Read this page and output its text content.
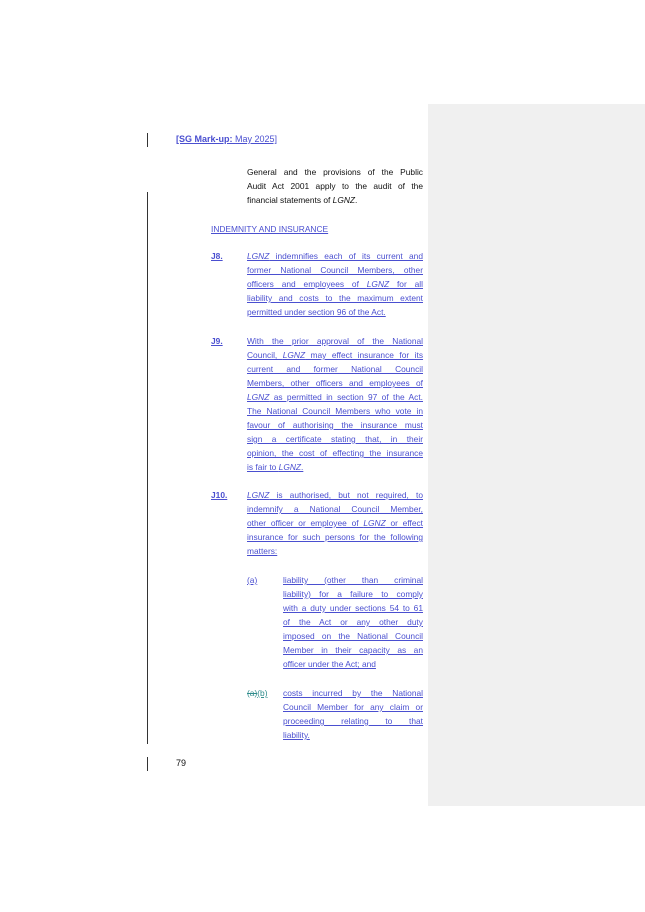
[SG Mark-up: May 2025]
General and the provisions of the Public
Audit Act 2001 apply to the audit of the
financial statements of LGNZ.
INDEMNITY AND INSURANCE
J8.	LGNZ indemnifies each of its current and
former National Council Members, other
officers and employees of LGNZ for all
liability and costs to the maximum extent
permitted under section 96 of the Act.
J9.	With the prior approval of the National
Council, LGNZ may effect insurance for its
current and former National Council
Members, other officers and employees of
LGNZ as permitted in section 97 of the Act.
The National Council Members who vote in
favour of authorising the insurance must
sign a certificate stating that, in their
opinion, the cost of effecting the insurance
is fair to LGNZ.
J10. LGNZ is authorised, but not required, to
indemnify a National Council Member,
other officer or employee of LGNZ or effect
insurance for such persons for the following
matters:
(a)	liability (other than criminal
liability) for a failure to comply
with a duty under sections 54 to 61
of the Act or any other duty
imposed on the National Council
Member in their capacity as an
officer under the Act; and
(a)(b) costs incurred by the National
Council Member for any claim or
proceeding relating to that
liability.
79
